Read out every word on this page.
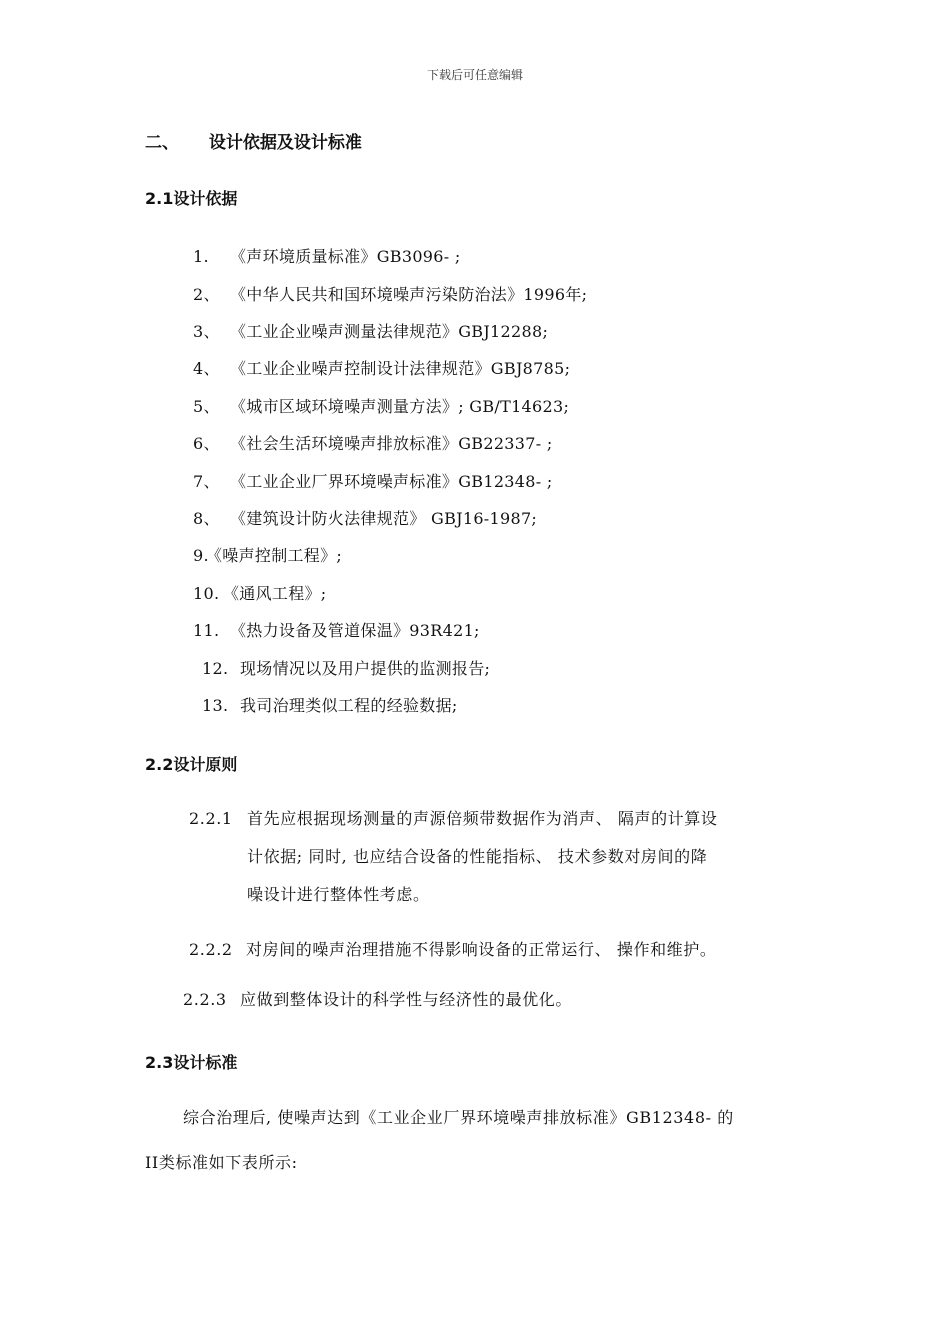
下载后可任意编辑
二、 设计依据及设计标准
2.1设计依据
1. 《声环境质量标准》GB3096- ;
2、 《中华人民共和国环境噪声污染防治法》1996年;
3、 《工业企业噪声测量法律规范》GBJ12288;
4、 《工业企业噪声控制设计法律规范》GBJ8785;
5、 《城市区域环境噪声测量方法》; GB/T14623;
6、 《社会生活环境噪声排放标准》GB22337- ;
7、 《工业企业厂界环境噪声标准》GB12348- ;
8、 《建筑设计防火法律规范》 GBJ16-1987;
9.《噪声控制工程》;
10. 《通风工程》;
11. 《热力设备及管道保温》93R421;
12. 现场情况以及用户提供的监测报告;
13. 我司治理类似工程的经验数据;
2.2设计原则
2.2.1 首先应根据现场测量的声源倍频带数据作为消声、 隔声的计算设
计依据; 同时, 也应结合设备的性能指标、 技术参数对房间的降
噪设计进行整体性考虑。
2.2.2 对房间的噪声治理措施不得影响设备的正常运行、 操作和维护。
2.2.3 应做到整体设计的科学性与经济性的最优化。
2.3设计标准
综合治理后, 使噪声达到《工业企业厂界环境噪声排放标准》GB12348- 的
II类标准如下表所示:
